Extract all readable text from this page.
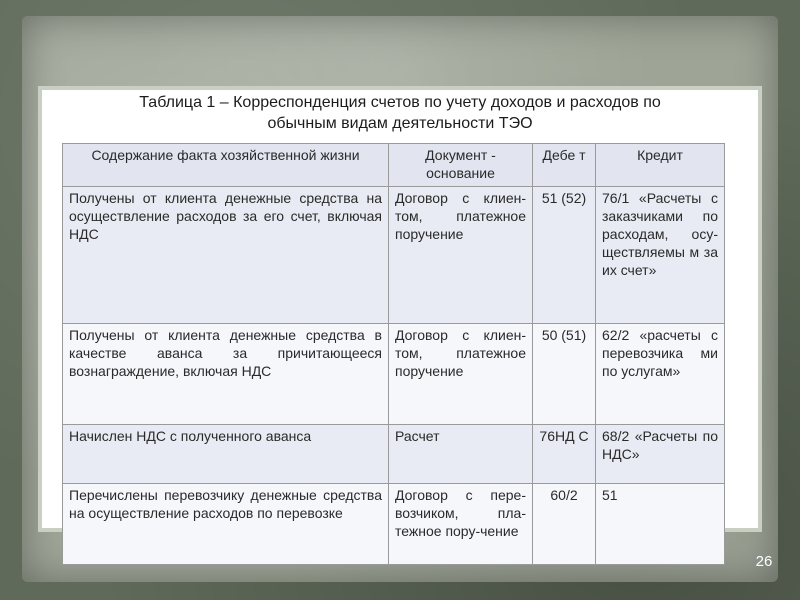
Таблица 1 – Корреспонденция счетов по учету доходов и расходов по
обычным видам деятельности ТЭО
Содержание факта хозяйственной жизни	Документ - основание	Дебе т	Кредит
Получены от клиента денежные средства на осуществление расходов за его счет, включая НДС	Договор с клиен-том, платежное поручение	51 (52)	76/1 «Расчеты с заказчиками по расходам, осу-ществляемы м за их счет»
Получены от клиента денежные средства в качестве аванса за причитающееся вознаграждение, включая НДС	Договор с клиен-том, платежное поручение	50 (51)	62/2 «расчеты с перевозчика ми по услугам»
Начислен НДС с полученного аванса	Расчет	76НД С	68/2 «Расчеты по НДС»
Перечислены перевозчику денежные средства на осуществление расходов по перевозке	Договор с пере-возчиком, пла-тежное пору-чение	60/2	51
26
